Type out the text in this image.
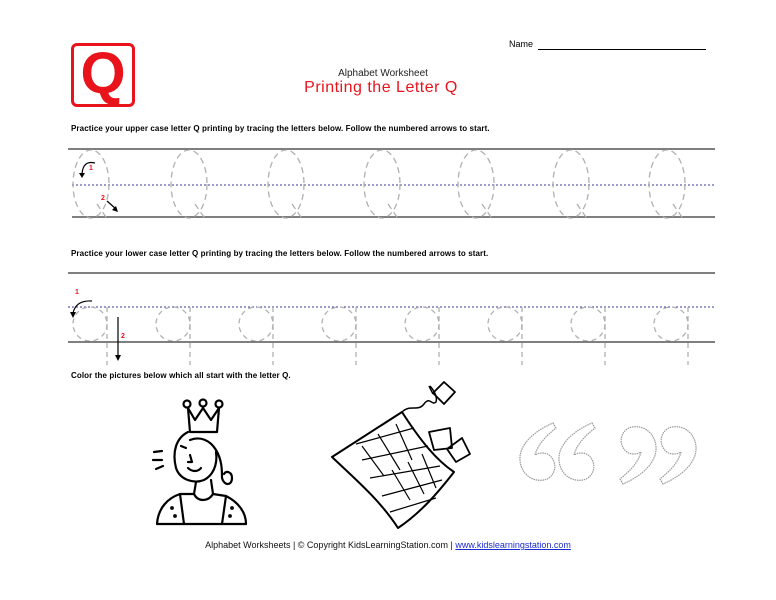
Q	Name
Alphabet Worksheet
Printing the Letter Q
Practice your upper case letter Q printing by tracing the letters below. Follow the numbered arrows to start.
Practice your lower case letter Q printing by tracing the letters below. Follow the numbered arrows to start.
Color the pictures below which all start with the letter Q.
1
2
1
2
Alphabet Worksheets | © Copyright KidsLearningStation.com | www.kidslearningstation.com
